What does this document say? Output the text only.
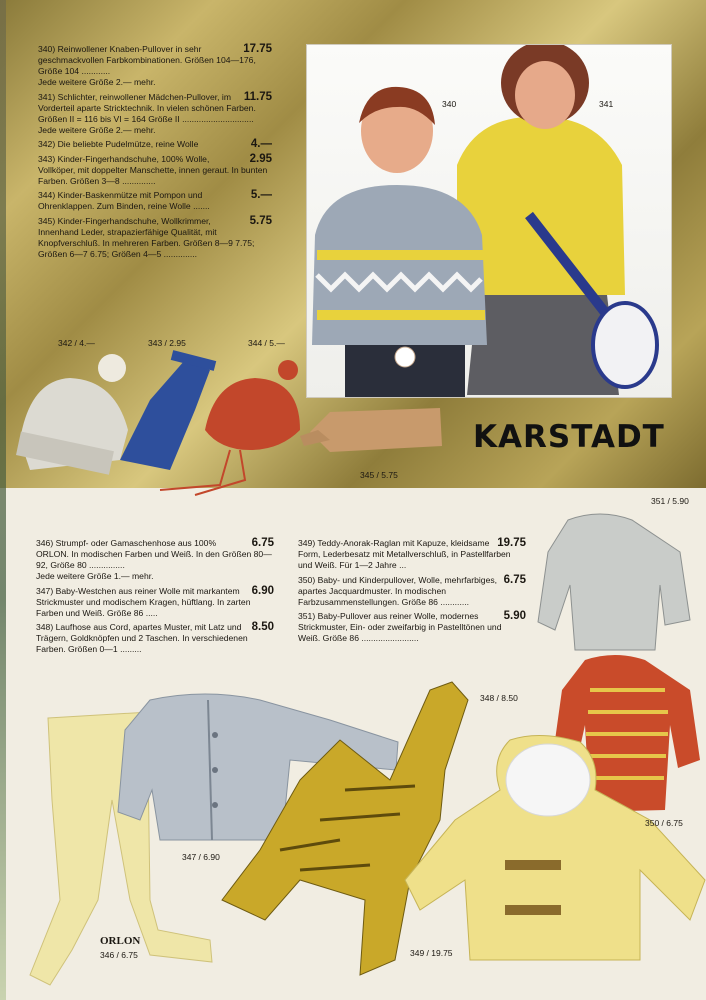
17.75
340) Reinwollener Knaben-Pullover in sehr geschmackvollen Farbkombinationen. Größen 104—176, Größe 104 ............
Jede weitere Größe 2.— mehr.

11.75
341) Schlichter, reinwollener Mädchen-Pullover, im Vorderteil aparte Stricktechnik. In vielen schönen Farben. Größen II = 116 bis VI = 164 Größe II ..............................
Jede weitere Größe 2.— mehr.

4.—
342) Die beliebte Pudelmütze, reine Wolle

2.95
343) Kinder-Fingerhandschuhe, 100% Wolle, Vollköper, mit doppelter Manschette, innen geraut. In bunten Farben. Größen 3—8 ..............

5.—
344) Kinder-Baskenmütze mit Pompon und Ohrenklappen. Zum Binden, reine Wolle .......

5.75
345) Kinder-Fingerhandschuhe, Wollkrimmer, Innenhand Leder, strapazierfähige Qualität, mit Knopfverschluß. In mehreren Farben. Größen 8—9 7.75; Größen 6—7 6.75; Größen 4—5 ..............

340	341
342 / 4.—	343 / 2.95	344 / 5.—
345 / 5.75
KARSTADT

6.75
346) Strumpf- oder Gamaschenhose aus 100% ORLON. In modischen Farben und Weiß. In den Größen 80—92, Größe 80 ...............
Jede weitere Größe 1.— mehr.

6.90
347) Baby-Westchen aus reiner Wolle mit markantem Strickmuster und modischem Kragen, hüftlang. In zarten Farben und Weiß. Größe 86 .....

8.50
348) Laufhose aus Cord, apartes Muster, mit Latz und Trägern, Goldknöpfen und 2 Taschen. In verschiedenen Farben. Größen 0—1 .........

19.75
349) Teddy-Anorak-Raglan mit Kapuze, kleidsame Form, Lederbesatz mit Metallverschluß, in Pastellfarben und Weiß. Für 1—2 Jahre ...

6.75
350) Baby- und Kinderpullover, Wolle, mehrfarbiges, apartes Jacquardmuster. In modischen Farbzusammenstellungen. Größe 86 ............

5.90
351) Baby-Pullover aus reiner Wolle, modernes Strickmuster, Ein- oder zweifarbig in Pastelltönen und Weiß. Größe 86 ........................

351 / 5.90
350 / 6.75
348 / 8.50
347 / 6.90
349 / 19.75
346 / 6.75
ORLON
